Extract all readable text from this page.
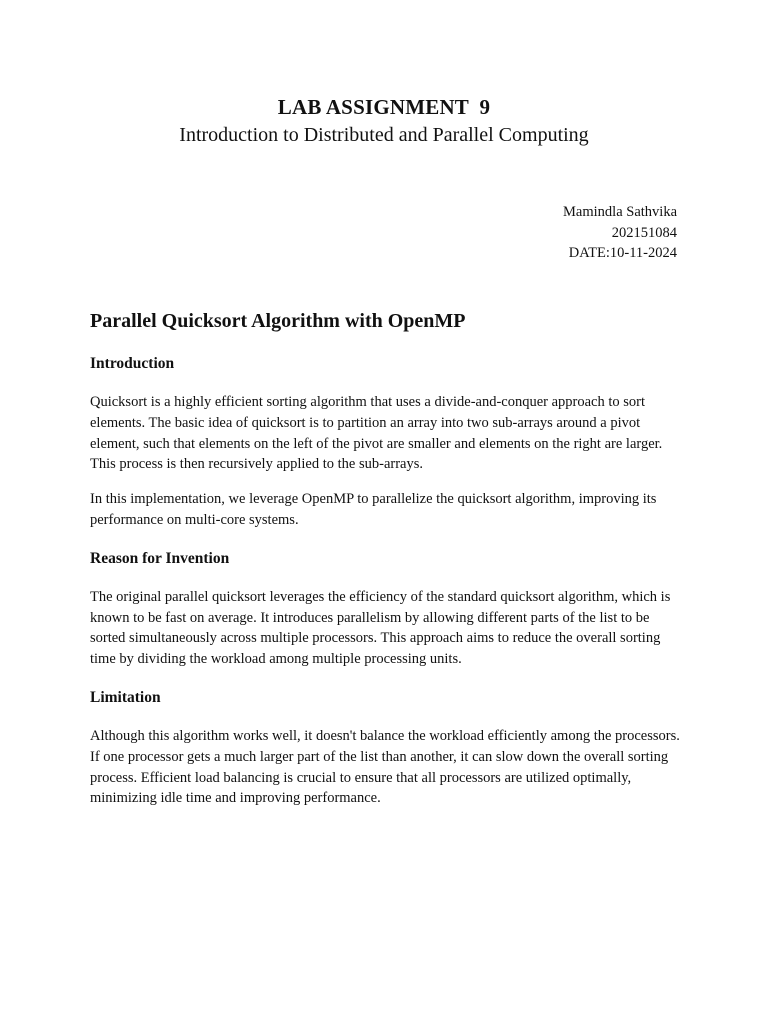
LAB ASSIGNMENT  9
Introduction to Distributed and Parallel Computing
Mamindla Sathvika
202151084
DATE:10-11-2024
Parallel Quicksort Algorithm with OpenMP
Introduction

Quicksort is a highly efficient sorting algorithm that uses a divide-and-conquer approach to sort elements. The basic idea of quicksort is to partition an array into two sub-arrays around a pivot element, such that elements on the left of the pivot are smaller and elements on the right are larger. This process is then recursively applied to the sub-arrays.

In this implementation, we leverage OpenMP to parallelize the quicksort algorithm, improving its performance on multi-core systems.

Reason for Invention

The original parallel quicksort leverages the efficiency of the standard quicksort algorithm, which is known to be fast on average. It introduces parallelism by allowing different parts of the list to be sorted simultaneously across multiple processors. This approach aims to reduce the overall sorting time by dividing the workload among multiple processing units.

Limitation

Although this algorithm works well, it doesn't balance the workload efficiently among the processors. If one processor gets a much larger part of the list than another, it can slow down the overall sorting process. Efficient load balancing is crucial to ensure that all processors are utilized optimally, minimizing idle time and improving performance.
